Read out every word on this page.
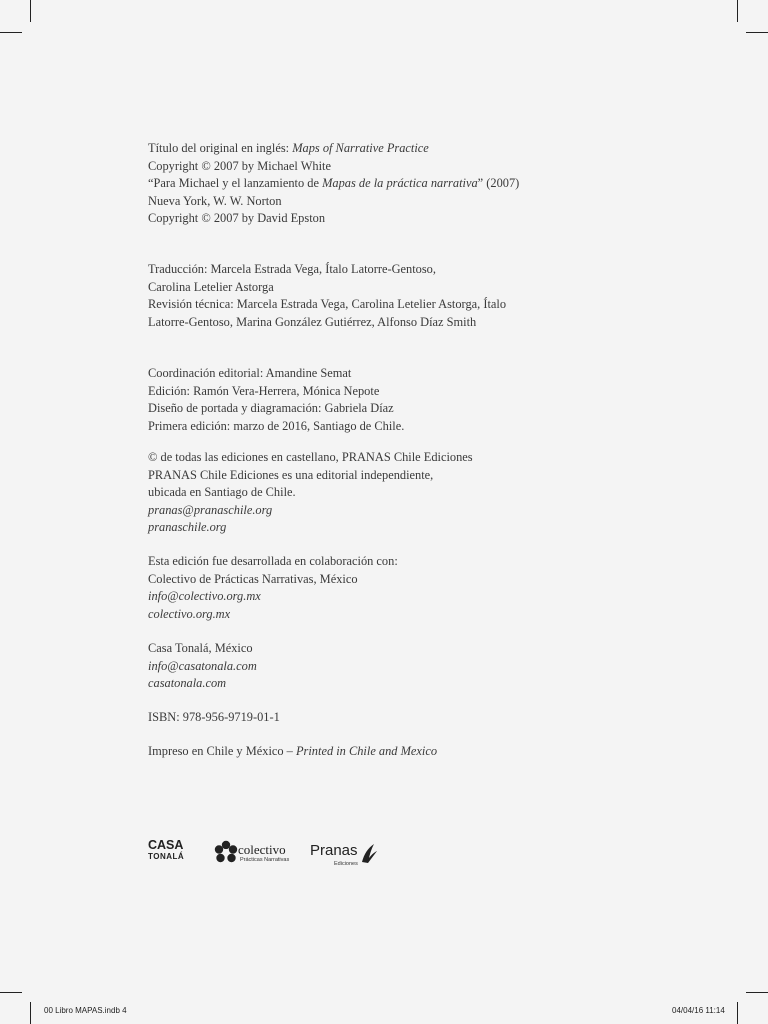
Título del original en inglés: Maps of Narrative Practice
Copyright © 2007 by Michael White
“Para Michael y el lanzamiento de Mapas de la práctica narrativa” (2007)
Nueva York, W. W. Norton
Copyright © 2007 by David Epston
Traducción: Marcela Estrada Vega, Ítalo Latorre-Gentoso,
Carolina Letelier Astorga
Revisión técnica: Marcela Estrada Vega, Carolina Letelier Astorga, Ítalo
Latorre-Gentoso, Marina González Gutiérrez, Alfonso Díaz Smith
Coordinación editorial: Amandine Semat
Edición: Ramón Vera-Herrera, Mónica Nepote
Diseño de portada y diagramación: Gabriela Díaz
Primera edición: marzo de 2016, Santiago de Chile.
© de todas las ediciones en castellano, PRANAS Chile Ediciones
PRANAS Chile Ediciones es una editorial independiente,
ubicada en Santiago de Chile.
pranas@pranaschile.org
pranaschile.org
Esta edición fue desarrollada en colaboración con:
Colectivo de Prácticas Narrativas, México
info@colectivo.org.mx
colectivo.org.mx
Casa Tonalá, México
info@casatonala.com
casatonala.com
ISBN: 978-956-9719-01-1
Impreso en Chile y México – Printed in Chile and Mexico
CASA
TONALÁ	colectivo
Prácticas Narrativas
Pranas
Ediciones
00 Libro MAPAS.indb 4	04/04/16 11:14
